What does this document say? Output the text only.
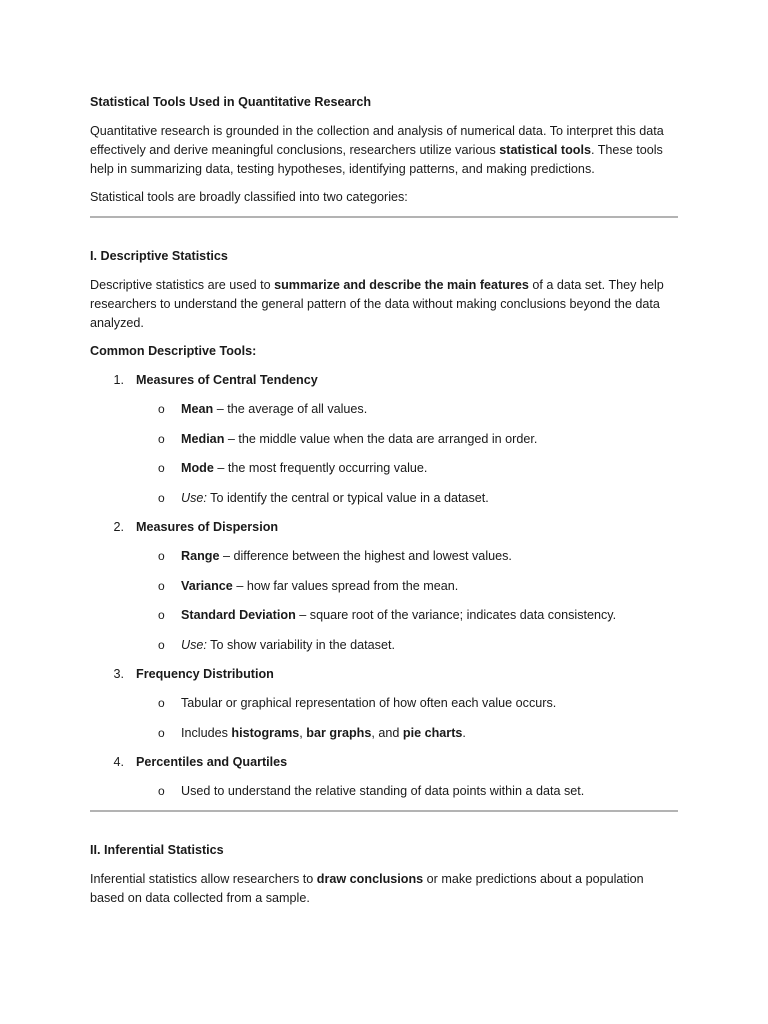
Statistical Tools Used in Quantitative Research

Quantitative research is grounded in the collection and analysis of numerical data. To interpret this data effectively and derive meaningful conclusions, researchers utilize various statistical tools. These tools help in summarizing data, testing hypotheses, identifying patterns, and making predictions.

Statistical tools are broadly classified into two categories:

I. Descriptive Statistics

Descriptive statistics are used to summarize and describe the main features of a data set. They help researchers to understand the general pattern of the data without making conclusions beyond the data analyzed.

Common Descriptive Tools:

1. Measures of Central Tendency
o Mean – the average of all values.
o Median – the middle value when the data are arranged in order.
o Mode – the most frequently occurring value.
o Use: To identify the central or typical value in a dataset.
2. Measures of Dispersion
o Range – difference between the highest and lowest values.
o Variance – how far values spread from the mean.
o Standard Deviation – square root of the variance; indicates data consistency.
o Use: To show variability in the dataset.
3. Frequency Distribution
o Tabular or graphical representation of how often each value occurs.
o Includes histograms, bar graphs, and pie charts.
4. Percentiles and Quartiles
o Used to understand the relative standing of data points within a data set.

II. Inferential Statistics

Inferential statistics allow researchers to draw conclusions or make predictions about a population based on data collected from a sample.
